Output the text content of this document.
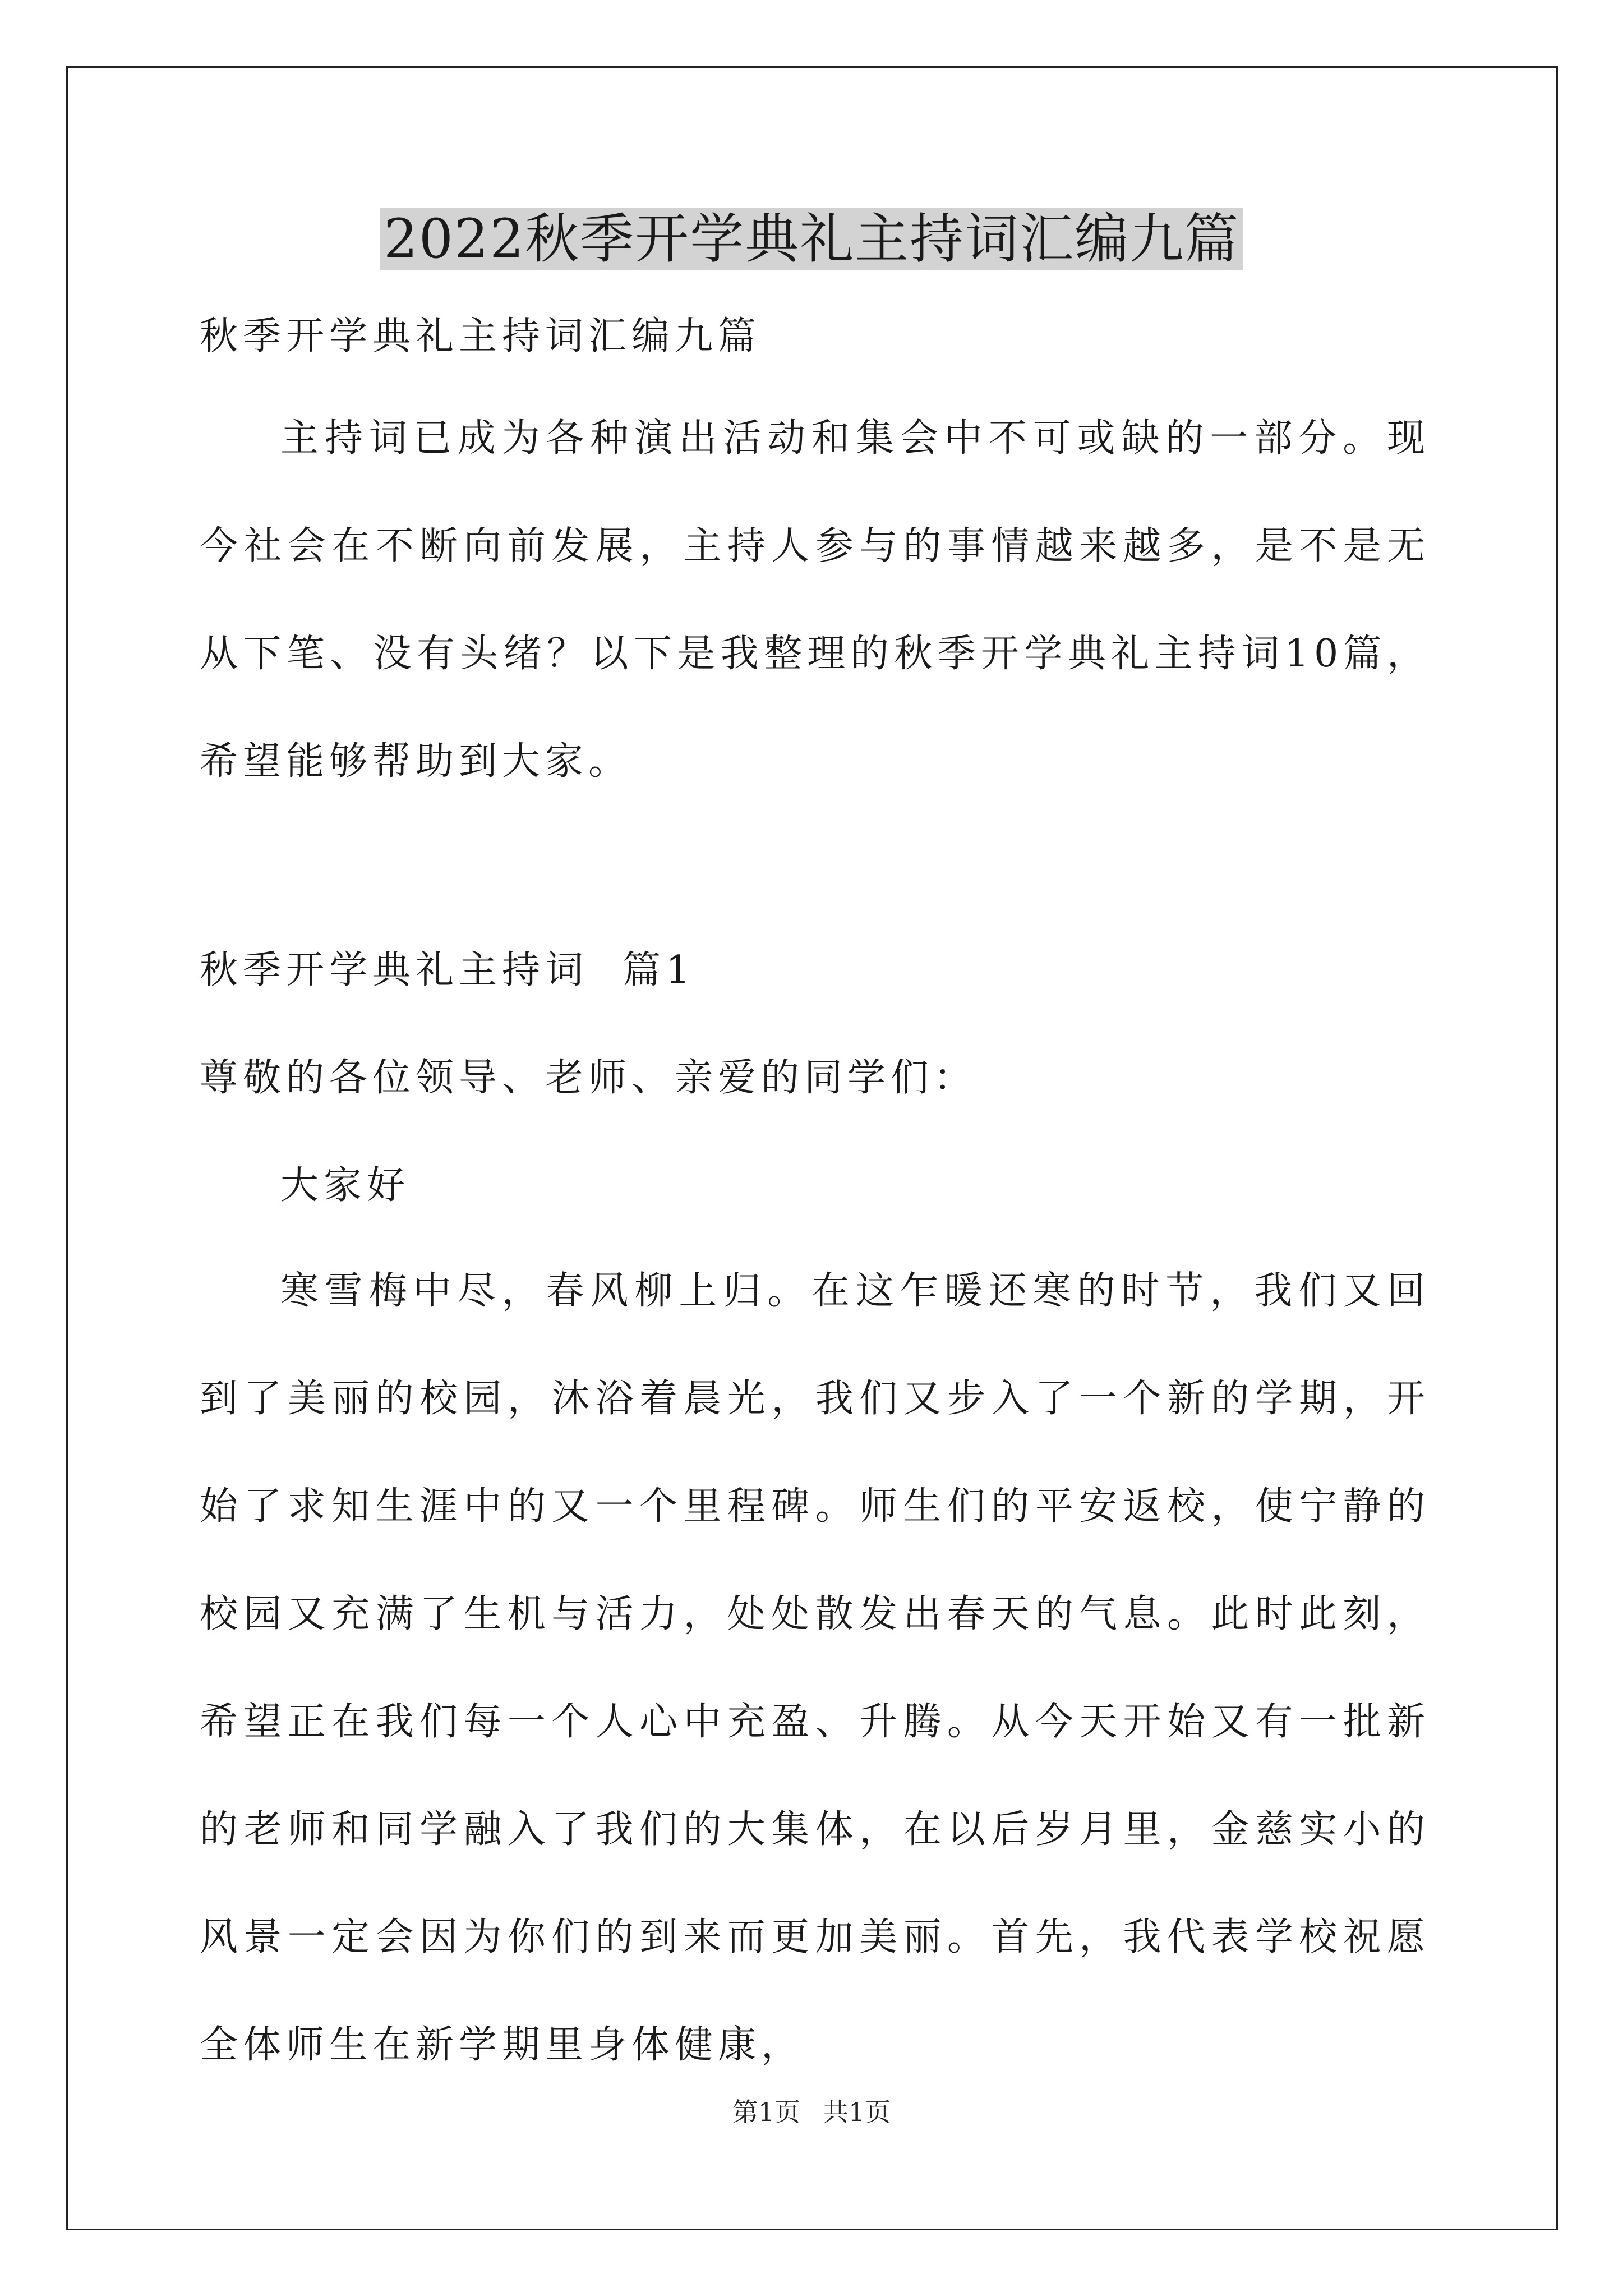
2022秋季开学典礼主持词汇编九篇

秋季开学典礼主持词汇编九篇

主持词已成为各种演出活动和集会中不可或缺的一部分。现今社会在不断向前发展，主持人参与的事情越来越多，是不是无从下笔、没有头绪？以下是我整理的秋季开学典礼主持词10篇，希望能够帮助到大家。

秋季开学典礼主持词  篇1

尊敬的各位领导、老师、亲爱的同学们：

大家好

寒雪梅中尽，春风柳上归。在这乍暖还寒的时节，我们又回到了美丽的校园，沐浴着晨光，我们又步入了一个新的学期，开始了求知生涯中的又一个里程碑。师生们的平安返校，使宁静的校园又充满了生机与活力，处处散发出春天的气息。此时此刻，希望正在我们每一个人心中充盈、升腾。从今天开始又有一批新的老师和同学融入了我们的大集体，在以后岁月里，金慈实小的风景一定会因为你们的到来而更加美丽。首先，我代表学校祝愿全体师生在新学期里身体健康，

第1页 共1页
